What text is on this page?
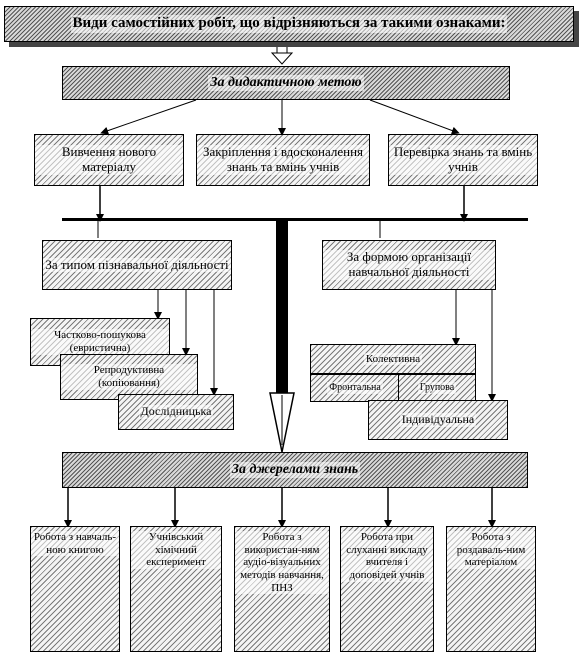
Види самостійних робіт, що відрізняються за такими ознаками:
За дидактичною метою
Вивчення нового матеріалу
Закріплення і вдосконалення знань та вмінь учнів
Перевірка знань та вмінь учнів
За типом пізнавальної діяльності
Частково-пошукова (евристична)
Репродуктивна (копіювання)
Дослідницька
За формою організації навчальної діяльності
Колективна
Фронтальна	Групова
Індивідуальна
За джерелами знань
Робота з навчаль-ною книгою
Учнівський хімічний експеримент
Робота з використан-ням аудіо-візуальних методів навчання, ПНЗ
Робота при слуханні викладу вчителя і доповідей учнів
Робота з роздаваль-ним матеріалом
